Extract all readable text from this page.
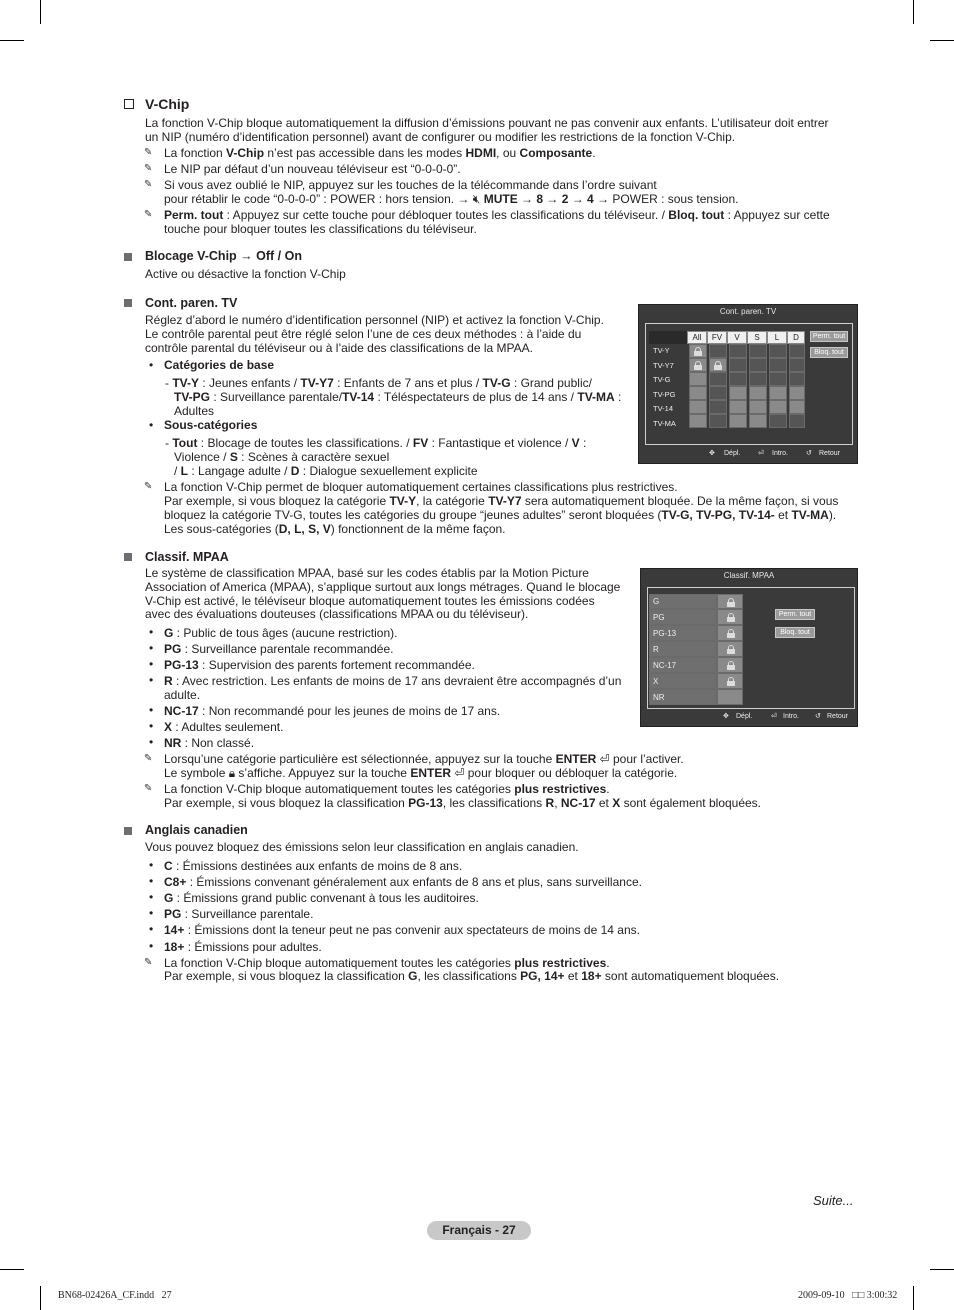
V-Chip
La fonction V-Chip bloque automatiquement la diffusion d’émissions pouvant ne pas convenir aux enfants. L’utilisateur doit entrer
un NIP (numéro d’identification personnel) avant de configurer ou modifier les restrictions de la fonction V-Chip.
✎ La fonction V-Chip n’est pas accessible dans les modes HDMI, ou Composante.
✎ Le NIP par défaut d’un nouveau téléviseur est “0-0-0-0”.
✎ Si vous avez oublié le NIP, appuyez sur les touches de la télécommande dans l’ordre suivant
pour rétablir le code “0-0-0-0” : POWER : hors tension. → 🔇︎ MUTE → 8 → 2 → 4 → POWER : sous tension.
✎ Perm. tout : Appuyez sur cette touche pour débloquer toutes les classifications du téléviseur. / Bloq. tout : Appuyez sur cette
touche pour bloquer toutes les classifications du téléviseur.
Blocage V-Chip → Off / On
Active ou désactive la fonction V-Chip
Cont. paren. TV
Réglez d’abord le numéro d’identification personnel (NIP) et activez la fonction V-Chip.
Le contrôle parental peut être réglé selon l’une de ces deux méthodes : à l’aide du
contrôle parental du téléviseur ou à l’aide des classifications de la MPAA.
• Catégories de base
- TV-Y : Jeunes enfants / TV-Y7 : Enfants de 7 ans et plus / TV-G : Grand public/
TV-PG : Surveillance parentale/TV-14 : Téléspectateurs de plus de 14 ans / TV-MA :
Adultes
• Sous-catégories
- Tout : Blocage de toutes les classifications. / FV : Fantastique et violence / V :
Violence / S : Scènes à caractère sexuel
/ L : Langage adulte / D : Dialogue sexuellement explicite
✎ La fonction V-Chip permet de bloquer automatiquement certaines classifications plus restrictives.
Par exemple, si vous bloquez la catégorie TV-Y, la catégorie TV-Y7 sera automatiquement bloquée. De la même façon, si vous
bloquez la catégorie TV-G, toutes les catégories du groupe “jeunes adultes” seront bloquées (TV-G, TV-PG, TV-14- et TV-MA).
Les sous-catégories (D, L, S, V) fonctionnent de la même façon.
Cont. paren. TV
All	FV	V	S	L	D
TV-Y
TV-Y7
TV-G
TV-PG
TV-14
TV-MA
Perm. tout
Bloq. tout
✥ Dépl.	⏎ Intro.	↺ Retour
Classif. MPAA
Le système de classification MPAA, basé sur les codes établis par la Motion Picture
Association of America (MPAA), s’applique surtout aux longs métrages. Quand le blocage
V-Chip est activé, le téléviseur bloque automatiquement toutes les émissions codées
avec des évaluations douteuses (classifications MPAA ou du téléviseur).
• G : Public de tous âges (aucune restriction).
• PG : Surveillance parentale recommandée.
• PG-13 : Supervision des parents fortement recommandée.
• R : Avec restriction. Les enfants de moins de 17 ans devraient être accompagnés d’un
adulte.
• NC-17 : Non recommandé pour les jeunes de moins de 17 ans.
• X : Adultes seulement.
• NR : Non classé.
✎ Lorsqu’une catégorie particulière est sélectionnée, appuyez sur la touche ENTER ⏎ pour l’activer.
Le symbole 🔒︎ s’affiche. Appuyez sur la touche ENTER ⏎ pour bloquer ou débloquer la catégorie.
✎ La fonction V-Chip bloque automatiquement toutes les catégories plus restrictives.
Par exemple, si vous bloquez la classification PG-13, les classifications R, NC-17 et X sont également bloquées.
Classif. MPAA
G
PG
PG-13
R
NC-17
X
NR
Perm. tout
Bloq. tout
✥ Dépl.	⏎ Intro. ↺ Retour
Anglais canadien
Vous pouvez bloquez des émissions selon leur classification en anglais canadien.
• C : Émissions destinées aux enfants de moins de 8 ans.
• C8+ : Émissions convenant généralement aux enfants de 8 ans et plus, sans surveillance.
• G : Émissions grand public convenant à tous les auditoires.
• PG : Surveillance parentale.
• 14+ : Émissions dont la teneur peut ne pas convenir aux spectateurs de moins de 14 ans.
• 18+ : Émissions pour adultes.
✎ La fonction V-Chip bloque automatiquement toutes les catégories plus restrictives.
Par exemple, si vous bloquez la classification G, les classifications PG, 14+ et 18+ sont automatiquement bloquées.
Suite...
Français - 27
BN68-02426A_CF.indd   27	2009-09-10   □□ 3:00:32
